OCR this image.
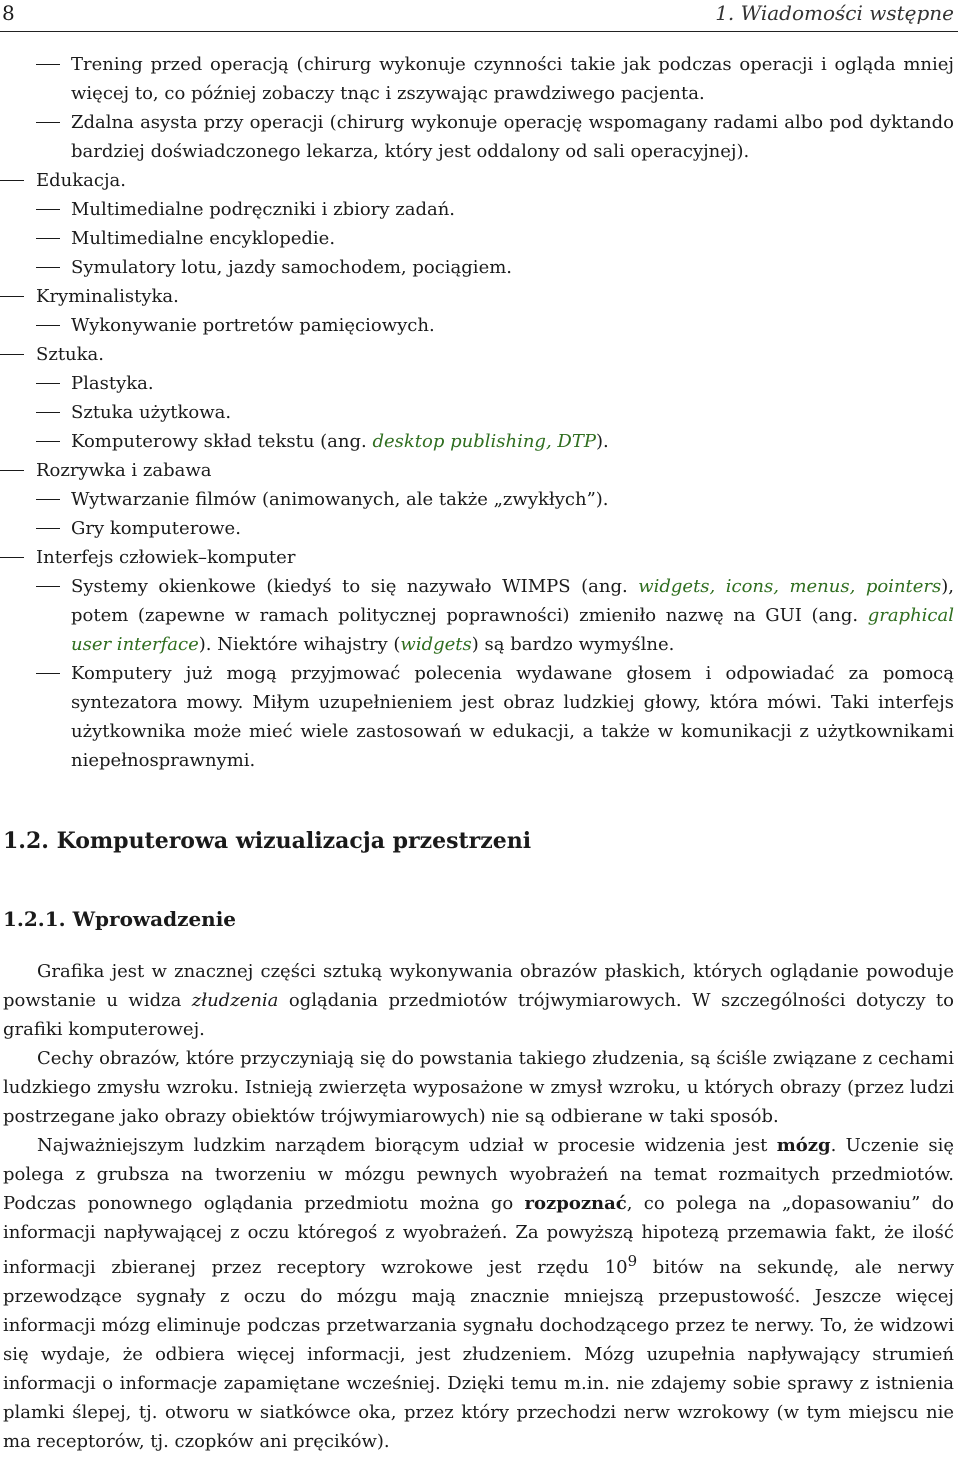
8	1. Wiadomości wstępne
Trening przed operacją (chirurg wykonuje czynności takie jak podczas operacji i ogląda mniej więcej to, co później zobaczy tnąc i zszywając prawdziwego pacjenta.
Zdalna asysta przy operacji (chirurg wykonuje operację wspomagany radami albo pod dyktando bardziej doświadczonego lekarza, który jest oddalony od sali operacyjnej).
Edukacja.
Multimedialne podręczniki i zbiory zadań.
Multimedialne encyklopedie.
Symulatory lotu, jazdy samochodem, pociągiem.
Kryminalistyka.
Wykonywanie portretów pamięciowych.
Sztuka.
Plastyka.
Sztuka użytkowa.
Komputerowy skład tekstu (ang. desktop publishing, DTP).
Rozrywka i zabawa
Wytwarzanie filmów (animowanych, ale także „zwykłych”).
Gry komputerowe.
Interfejs człowiek–komputer
Systemy okienkowe (kiedyś to się nazywało WIMPS (ang. widgets, icons, menus, pointers), potem (zapewne w ramach politycznej poprawności) zmieniło nazwę na GUI (ang. graphical user interface). Niektóre wihajstry (widgets) są bardzo wymyślne.
Komputery już mogą przyjmować polecenia wydawane głosem i odpowiadać za pomocą syntezatora mowy. Miłym uzupełnieniem jest obraz ludzkiej głowy, która mówi. Taki interfejs użytkownika może mieć wiele zastosowań w edukacji, a także w komunikacji z użytkownikami niepełnosprawnymi.
1.2. Komputerowa wizualizacja przestrzeni
1.2.1. Wprowadzenie

Grafika jest w znacznej części sztuką wykonywania obrazów płaskich, których oglądanie powoduje powstanie u widza złudzenia oglądania przedmiotów trójwymiarowych. W szczególności dotyczy to grafiki komputerowej.

Cechy obrazów, które przyczyniają się do powstania takiego złudzenia, są ściśle związane z cechami ludzkiego zmysłu wzroku. Istnieją zwierzęta wyposażone w zmysł wzroku, u których obrazy (przez ludzi postrzegane jako obrazy obiektów trójwymiarowych) nie są odbierane w taki sposób.

Najważniejszym ludzkim narządem biorącym udział w procesie widzenia jest mózg. Uczenie się polega z grubsza na tworzeniu w mózgu pewnych wyobrażeń na temat rozmaitych przedmiotów. Podczas ponownego oglądania przedmiotu można go rozpoznać, co polega na „dopasowaniu” do informacji napływającej z oczu któregoś z wyobrażeń. Za powyższą hipotezą przemawia fakt, że ilość informacji zbieranej przez receptory wzrokowe jest rzędu $10^9$ bitów na sekundę, ale nerwy przewodzące sygnały z oczu do mózgu mają znacznie mniejszą przepustowość. Jeszcze więcej informacji mózg eliminuje podczas przetwarzania sygnału dochodzącego przez te nerwy. To, że widzowi się wydaje, że odbiera więcej informacji, jest złudzeniem. Mózg uzupełnia napływający strumień informacji o informacje zapamiętane wcześniej. Dzięki temu m.in. nie zdajemy sobie sprawy z istnienia plamki ślepej, tj. otworu w siatkówce oka, przez który przechodzi nerw wzrokowy (w tym miejscu nie ma receptorów, tj. czopków ani pręcików).
